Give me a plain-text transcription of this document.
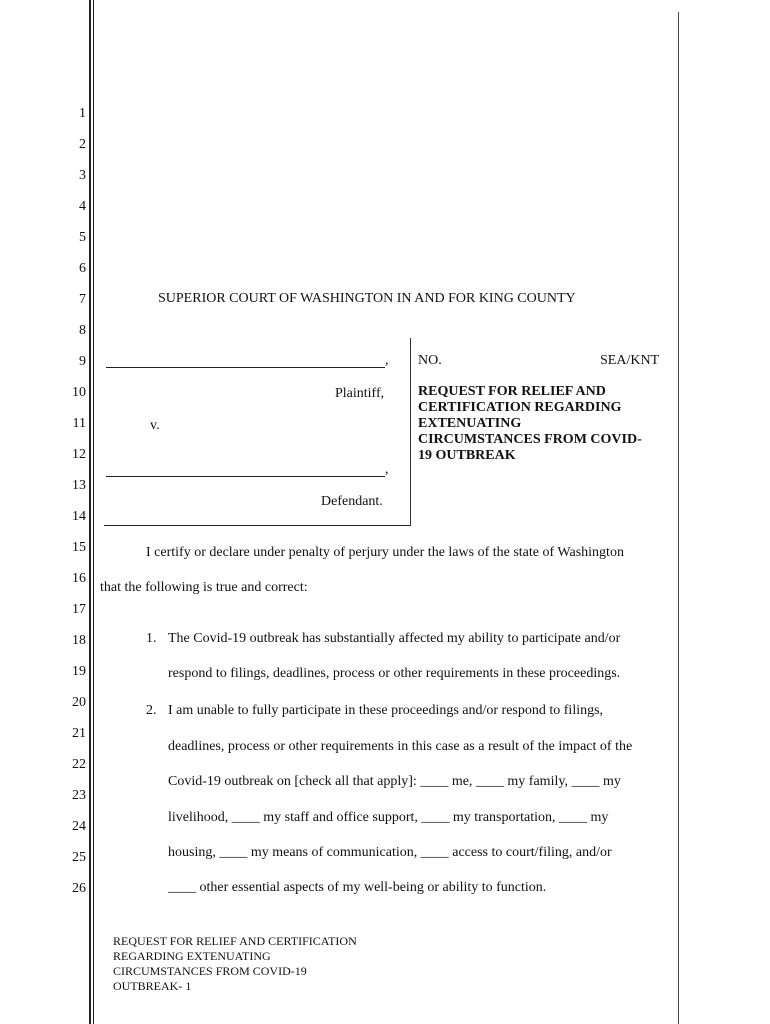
1
2
3
4
5
6
7
8
9
10
11
12
13
14
15
16
17
18
19
20
21
22
23
24
25
26
SUPERIOR COURT OF WASHINGTON IN AND FOR KING COUNTY
,
Plaintiff,
v.
,
Defendant.
NO.	SEA/KNT
REQUEST FOR RELIEF AND
CERTIFICATION REGARDING
EXTENUATING
CIRCUMSTANCES FROM COVID-
19 OUTBREAK
I certify or declare under penalty of perjury under the laws of the state of Washington
that the following is true and correct:
1. The Covid-19 outbreak has substantially affected my ability to participate and/or
respond to filings, deadlines, process or other requirements in these proceedings.
2. I am unable to fully participate in these proceedings and/or respond to filings,
deadlines, process or other requirements in this case as a result of the impact of the
Covid-19 outbreak on [check all that apply]: ____ me, ____ my family, ____ my
livelihood, ____ my staff and office support, ____ my transportation, ____ my
housing, ____ my means of communication, ____ access to court/filing, and/or
____ other essential aspects of my well-being or ability to function.
REQUEST FOR RELIEF AND CERTIFICATION
REGARDING EXTENUATING
CIRCUMSTANCES FROM COVID-19
OUTBREAK- 1
